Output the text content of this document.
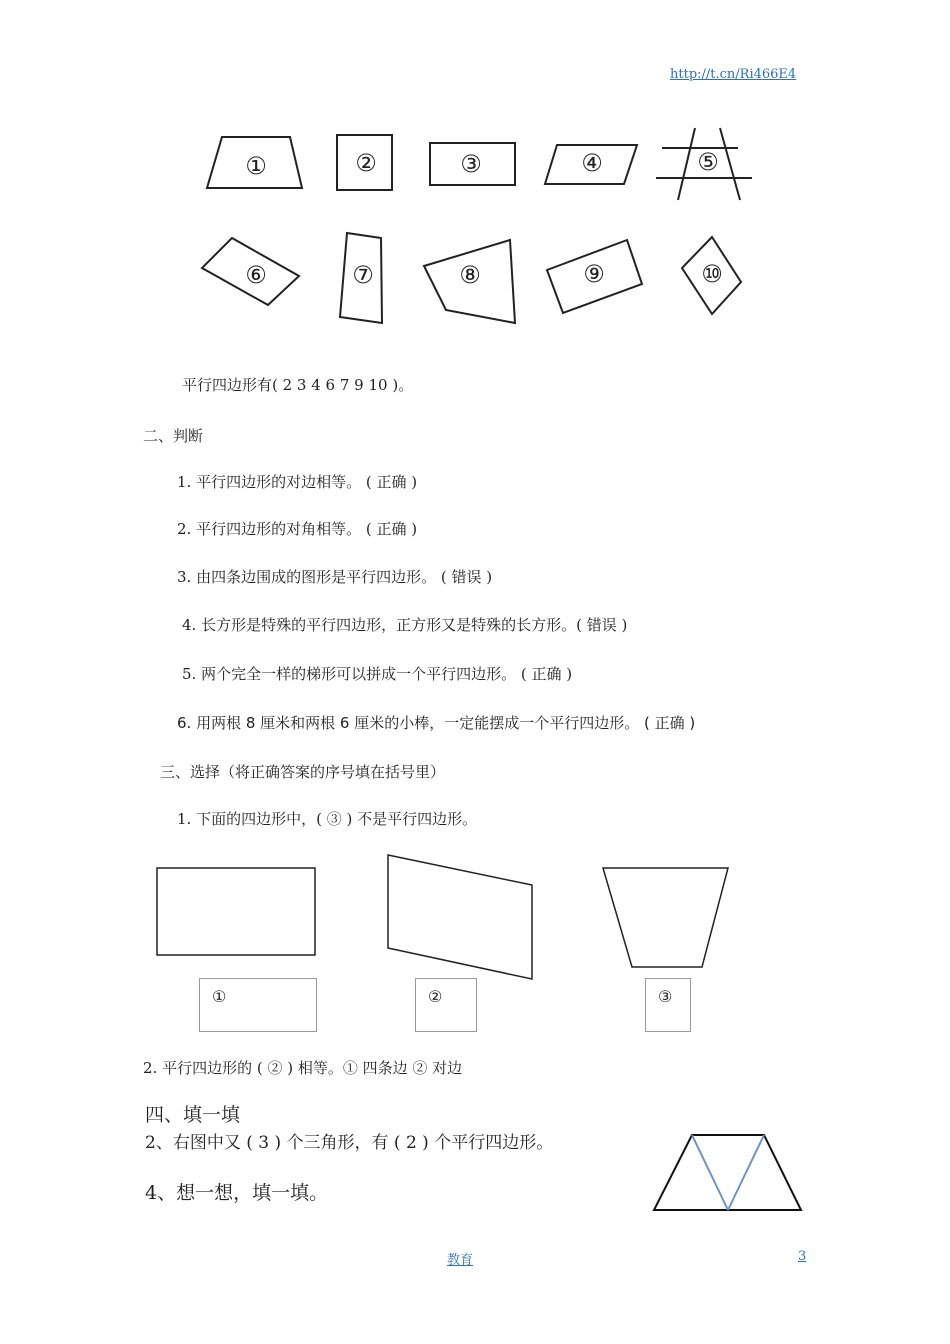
http://t.cn/Ri466E4
①	②	③	④	⑤
⑥	⑦	⑧	⑨	⑩
平行四边形有( 2 3 4 6 7 9 10 )。
二、判断
1. 平行四边形的对边相等。 ( 正确 )
2. 平行四边形的对角相等。 ( 正确 )
3. 由四条边围成的图形是平行四边形。 ( 错误 )
4. 长方形是特殊的平行四边形，正方形又是特殊的长方形。( 错误 )
5. 两个完全一样的梯形可以拼成一个平行四边形。 ( 正确 )
6. 用两根 8 厘米和两根 6 厘米的小棒，一定能摆成一个平行四边形。 ( 正确 )
三、选择（将正确答案的序号填在括号里）
1. 下面的四边形中，( ③ ) 不是平行四边形。
①	②	③
2. 平行四边形的 ( ② ) 相等。① 四条边 ② 对边
四、填一填
2、右图中又 ( 3 ) 个三角形，有 ( 2 ) 个平行四边形。
4、想一想，填一填。
教育	3
